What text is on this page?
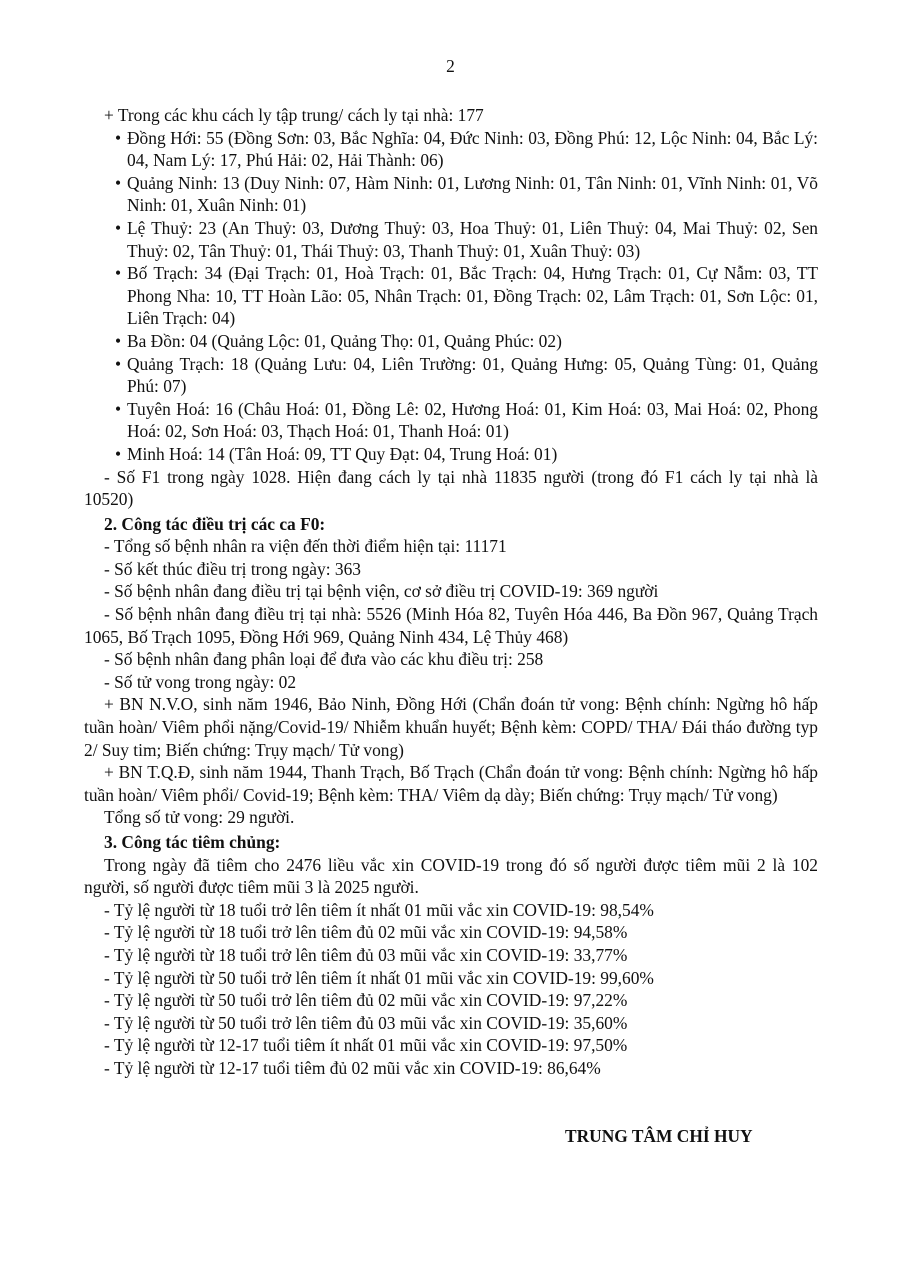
2

+ Trong các khu cách ly tập trung/ cách ly tại nhà: 177

• Đồng Hới: 55 (Đồng Sơn: 03, Bắc Nghĩa: 04, Đức Ninh: 03, Đồng Phú: 12, Lộc Ninh: 04, Bắc Lý: 04, Nam Lý: 17, Phú Hải: 02, Hải Thành: 06)
• Quảng Ninh: 13 (Duy Ninh: 07, Hàm Ninh: 01, Lương Ninh: 01, Tân Ninh: 01, Vĩnh Ninh: 01, Võ Ninh: 01, Xuân Ninh: 01)
• Lệ Thuỷ: 23 (An Thuỷ: 03, Dương Thuỷ: 03, Hoa Thuỷ: 01, Liên Thuỷ: 04, Mai Thuỷ: 02, Sen Thuỷ: 02, Tân Thuỷ: 01, Thái Thuỷ: 03, Thanh Thuỷ: 01, Xuân Thuỷ: 03)
• Bố Trạch: 34 (Đại Trạch: 01, Hoà Trạch: 01, Bắc Trạch: 04, Hưng Trạch: 01, Cự Nẫm: 03, TT Phong Nha: 10, TT Hoàn Lão: 05, Nhân Trạch: 01, Đồng Trạch: 02, Lâm Trạch: 01, Sơn Lộc: 01, Liên Trạch: 04)
• Ba Đồn: 04 (Quảng Lộc: 01, Quảng Thọ: 01, Quảng Phúc: 02)
• Quảng Trạch: 18 (Quảng Lưu: 04, Liên Trường: 01, Quảng Hưng: 05, Quảng Tùng: 01, Quảng Phú: 07)
• Tuyên Hoá: 16 (Châu Hoá: 01, Đồng Lê: 02, Hương Hoá: 01, Kim Hoá: 03, Mai Hoá: 02, Phong Hoá: 02, Sơn Hoá: 03, Thạch Hoá: 01, Thanh Hoá: 01)
• Minh Hoá: 14 (Tân Hoá: 09, TT Quy Đạt: 04, Trung Hoá: 01)

- Số F1 trong ngày 1028. Hiện đang cách ly tại nhà 11835 người (trong đó F1 cách ly tại nhà là 10520)

2. Công tác điều trị các ca F0:

- Tổng số bệnh nhân ra viện đến thời điểm hiện tại: 11171

- Số kết thúc điều trị trong ngày: 363

- Số bệnh nhân đang điều trị tại bệnh viện, cơ sở điều trị COVID-19: 369 người

- Số bệnh nhân đang điều trị tại nhà: 5526 (Minh Hóa 82, Tuyên Hóa 446, Ba Đồn 967, Quảng Trạch 1065, Bố Trạch 1095, Đồng Hới 969, Quảng Ninh 434, Lệ Thủy 468)

- Số bệnh nhân đang phân loại để đưa vào các khu điều trị: 258

- Số tử vong trong ngày: 02

+ BN N.V.O, sinh năm 1946, Bảo Ninh, Đồng Hới (Chẩn đoán tử vong: Bệnh chính: Ngừng hô hấp tuần hoàn/ Viêm phổi nặng/Covid-19/ Nhiễm khuẩn huyết; Bệnh kèm: COPD/ THA/ Đái tháo đường typ 2/ Suy tim; Biến chứng: Trụy mạch/ Tử vong)

+ BN T.Q.Đ, sinh năm 1944, Thanh Trạch, Bố Trạch (Chẩn đoán tử vong: Bệnh chính: Ngừng hô hấp tuần hoàn/ Viêm phổi/ Covid-19; Bệnh kèm: THA/ Viêm dạ dày; Biến chứng: Trụy mạch/ Tử vong)

Tổng số tử vong: 29 người.

3. Công tác tiêm chủng:

Trong ngày đã tiêm cho 2476 liều vắc xin COVID-19 trong đó số người được tiêm mũi 2 là 102 người, số người được tiêm mũi 3 là 2025 người.

- Tỷ lệ người từ 18 tuổi trở lên tiêm ít nhất 01 mũi vắc xin COVID-19: 98,54%

- Tỷ lệ người từ 18 tuổi trở lên tiêm đủ 02 mũi vắc xin COVID-19: 94,58%

- Tỷ lệ người từ 18 tuổi trở lên tiêm đủ 03 mũi vắc xin COVID-19: 33,77%

- Tỷ lệ người từ 50 tuổi trở lên tiêm ít nhất 01 mũi vắc xin COVID-19: 99,60%

- Tỷ lệ người từ 50 tuổi trở lên tiêm đủ 02 mũi vắc xin COVID-19: 97,22%

- Tỷ lệ người từ 50 tuổi trở lên tiêm đủ 03 mũi vắc xin COVID-19: 35,60%

- Tỷ lệ người từ 12-17 tuổi tiêm ít nhất 01 mũi vắc xin COVID-19: 97,50%

- Tỷ lệ người từ 12-17 tuổi tiêm đủ 02 mũi vắc xin COVID-19: 86,64%

TRUNG TÂM CHỈ HUY
